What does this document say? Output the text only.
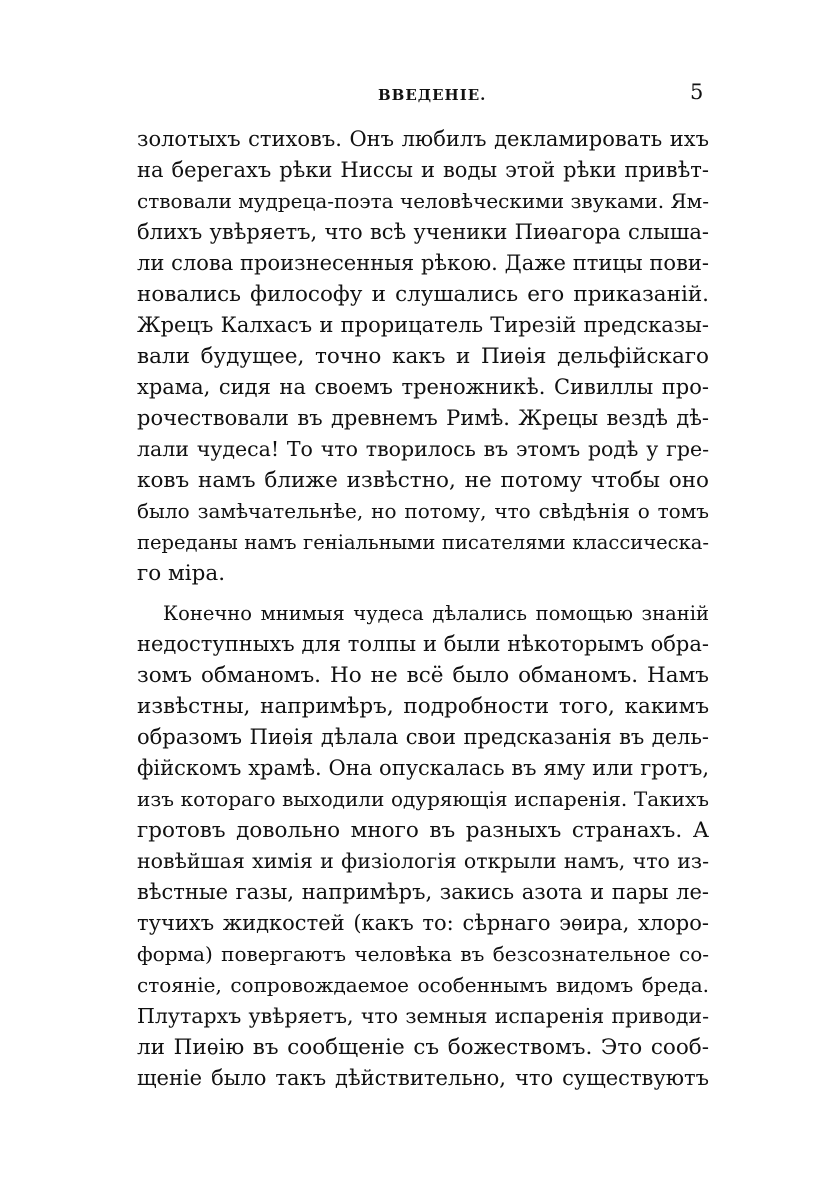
ВВЕДЕНІЕ.	5
золотыхъ стиховъ. Онъ любилъ декламировать ихъ
на берегахъ рѣки Ниссы и воды этой рѣки привѣт-
ствовали мудреца-поэта человѣческими звуками. Ям-
блихъ увѣряетъ, что всѣ ученики Пиѳагора слыша-
ли слова произнесенныя рѣкою. Даже птицы пови-
новались философу и слушались его приказаній.
Жрецъ Калхасъ и прорицатель Тирезій предсказы-
вали будущее, точно какъ и Пиѳія дельфійскаго
храма, сидя на своемъ треножникѣ. Сивиллы про-
рочествовали въ древнемъ Римѣ. Жрецы вездѣ дѣ-
лали чудеса! То что творилось въ этомъ родѣ у гре-
ковъ намъ ближе извѣстно, не потому чтобы оно
было замѣчательнѣе, но потому, что свѣдѣнія о томъ
переданы намъ геніальными писателями классическа-
го міра.
Конечно мнимыя чудеса дѣлались помощью знаній
недоступныхъ для толпы и были нѣкоторымъ обра-
зомъ обманомъ. Но не всё было обманомъ. Намъ
извѣстны, напримѣръ, подробности того, какимъ
образомъ Пиѳія дѣлала свои предсказанія въ дель-
фійскомъ храмѣ. Она опускалась въ яму или гротъ,
изъ котораго выходили одуряющія испаренія. Такихъ
гротовъ довольно много въ разныхъ странахъ. А
новѣйшая химія и физіологія открыли намъ, что из-
вѣстные газы, напримѣръ, закись азота и пары ле-
тучихъ жидкостей (какъ то: сѣрнаго эѳира, хлоро-
форма) повергаютъ человѣка въ безсознательное со-
стояніе, сопровождаемое особеннымъ видомъ бреда.
Плутархъ увѣряетъ, что земныя испаренія приводи-
ли Пиѳію въ сообщеніе съ божествомъ. Это сооб-
щеніе было такъ дѣйствительно, что существуютъ
